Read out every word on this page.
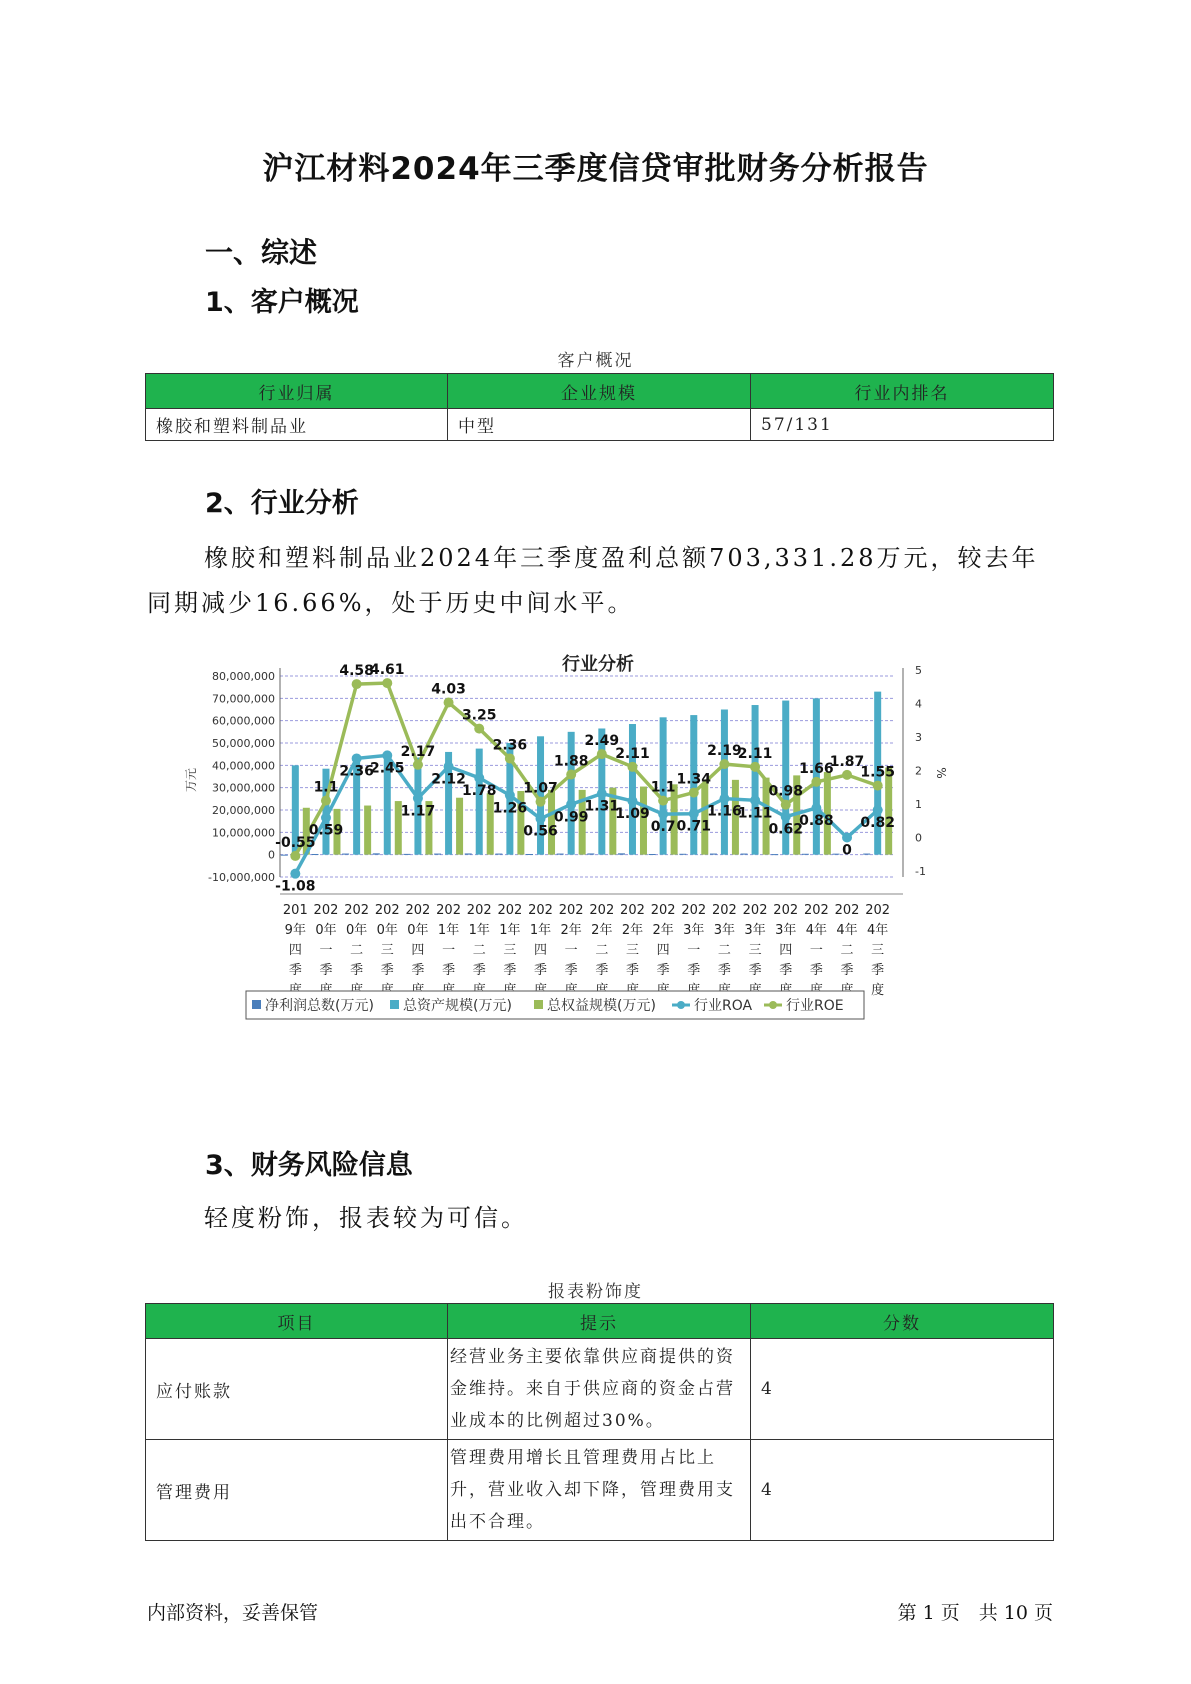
沪江材料2024年三季度信贷审批财务分析报告
一、综述
1、客户概况
客户概况
行业归属	企业规模	行业内排名
橡胶和塑料制品业	中型	57/131
2、行业分析
橡胶和塑料制品业2024年三季度盈利总额703,331.28万元，较去年同期减少16.66%，处于历史中间水平。
行业分析
80,000,000
70,000,000
60,000,000
50,000,000
40,000,000
30,000,000
20,000,000
10,000,000
0
-10,000,000
5
4
3
2
1
0
-1
万元	%
201
9年
四
季
202
0年
一
季
202
0年
二
季
202
0年
三
季
202
0年
四
季
202
1年
一
季
202
1年
二
季
202
1年
三
季
202
1年
四
季
202
2年
一
季
202
2年
二
季
202
2年
三
季
202
2年
四
季
202
3年
一
季
202
3年
二
季
202
3年
三
季
202
3年
四
季
202
4年
一
季
202
4年
二
季
202
4年
三
季
度
-0.55
1.1
4.58
4.61
2.17
4.03
3.25
2.36
1.07
1.88
2.49
2.11
1.1
1.34
2.19
2.11
0.98
1.66
1.87
1.55
-1.08
0.59
2.36
2.45
1.17
2.12
1.78
1.26
0.56
0.99
1.31
1.09
0.7 0.71
1.16
1.11
0.62
0.88
0
0.82
净利润总数(万元) 总资产规模(万元)	总权益规模(万元)	行业ROA 行业ROE
3、财务风险信息
轻度粉饰，报表较为可信。
报表粉饰度
项目	提示	分数
应付账款	经营业务主要依靠供应商提供的资金维持。来自于供应商的资金占营业成本的比例超过30%。	4
管理费用	管理费用增长且管理费用占比上升，营业收入却下降，管理费用支出不合理。	4
内部资料，妥善保管	第 1 页　共 10 页
